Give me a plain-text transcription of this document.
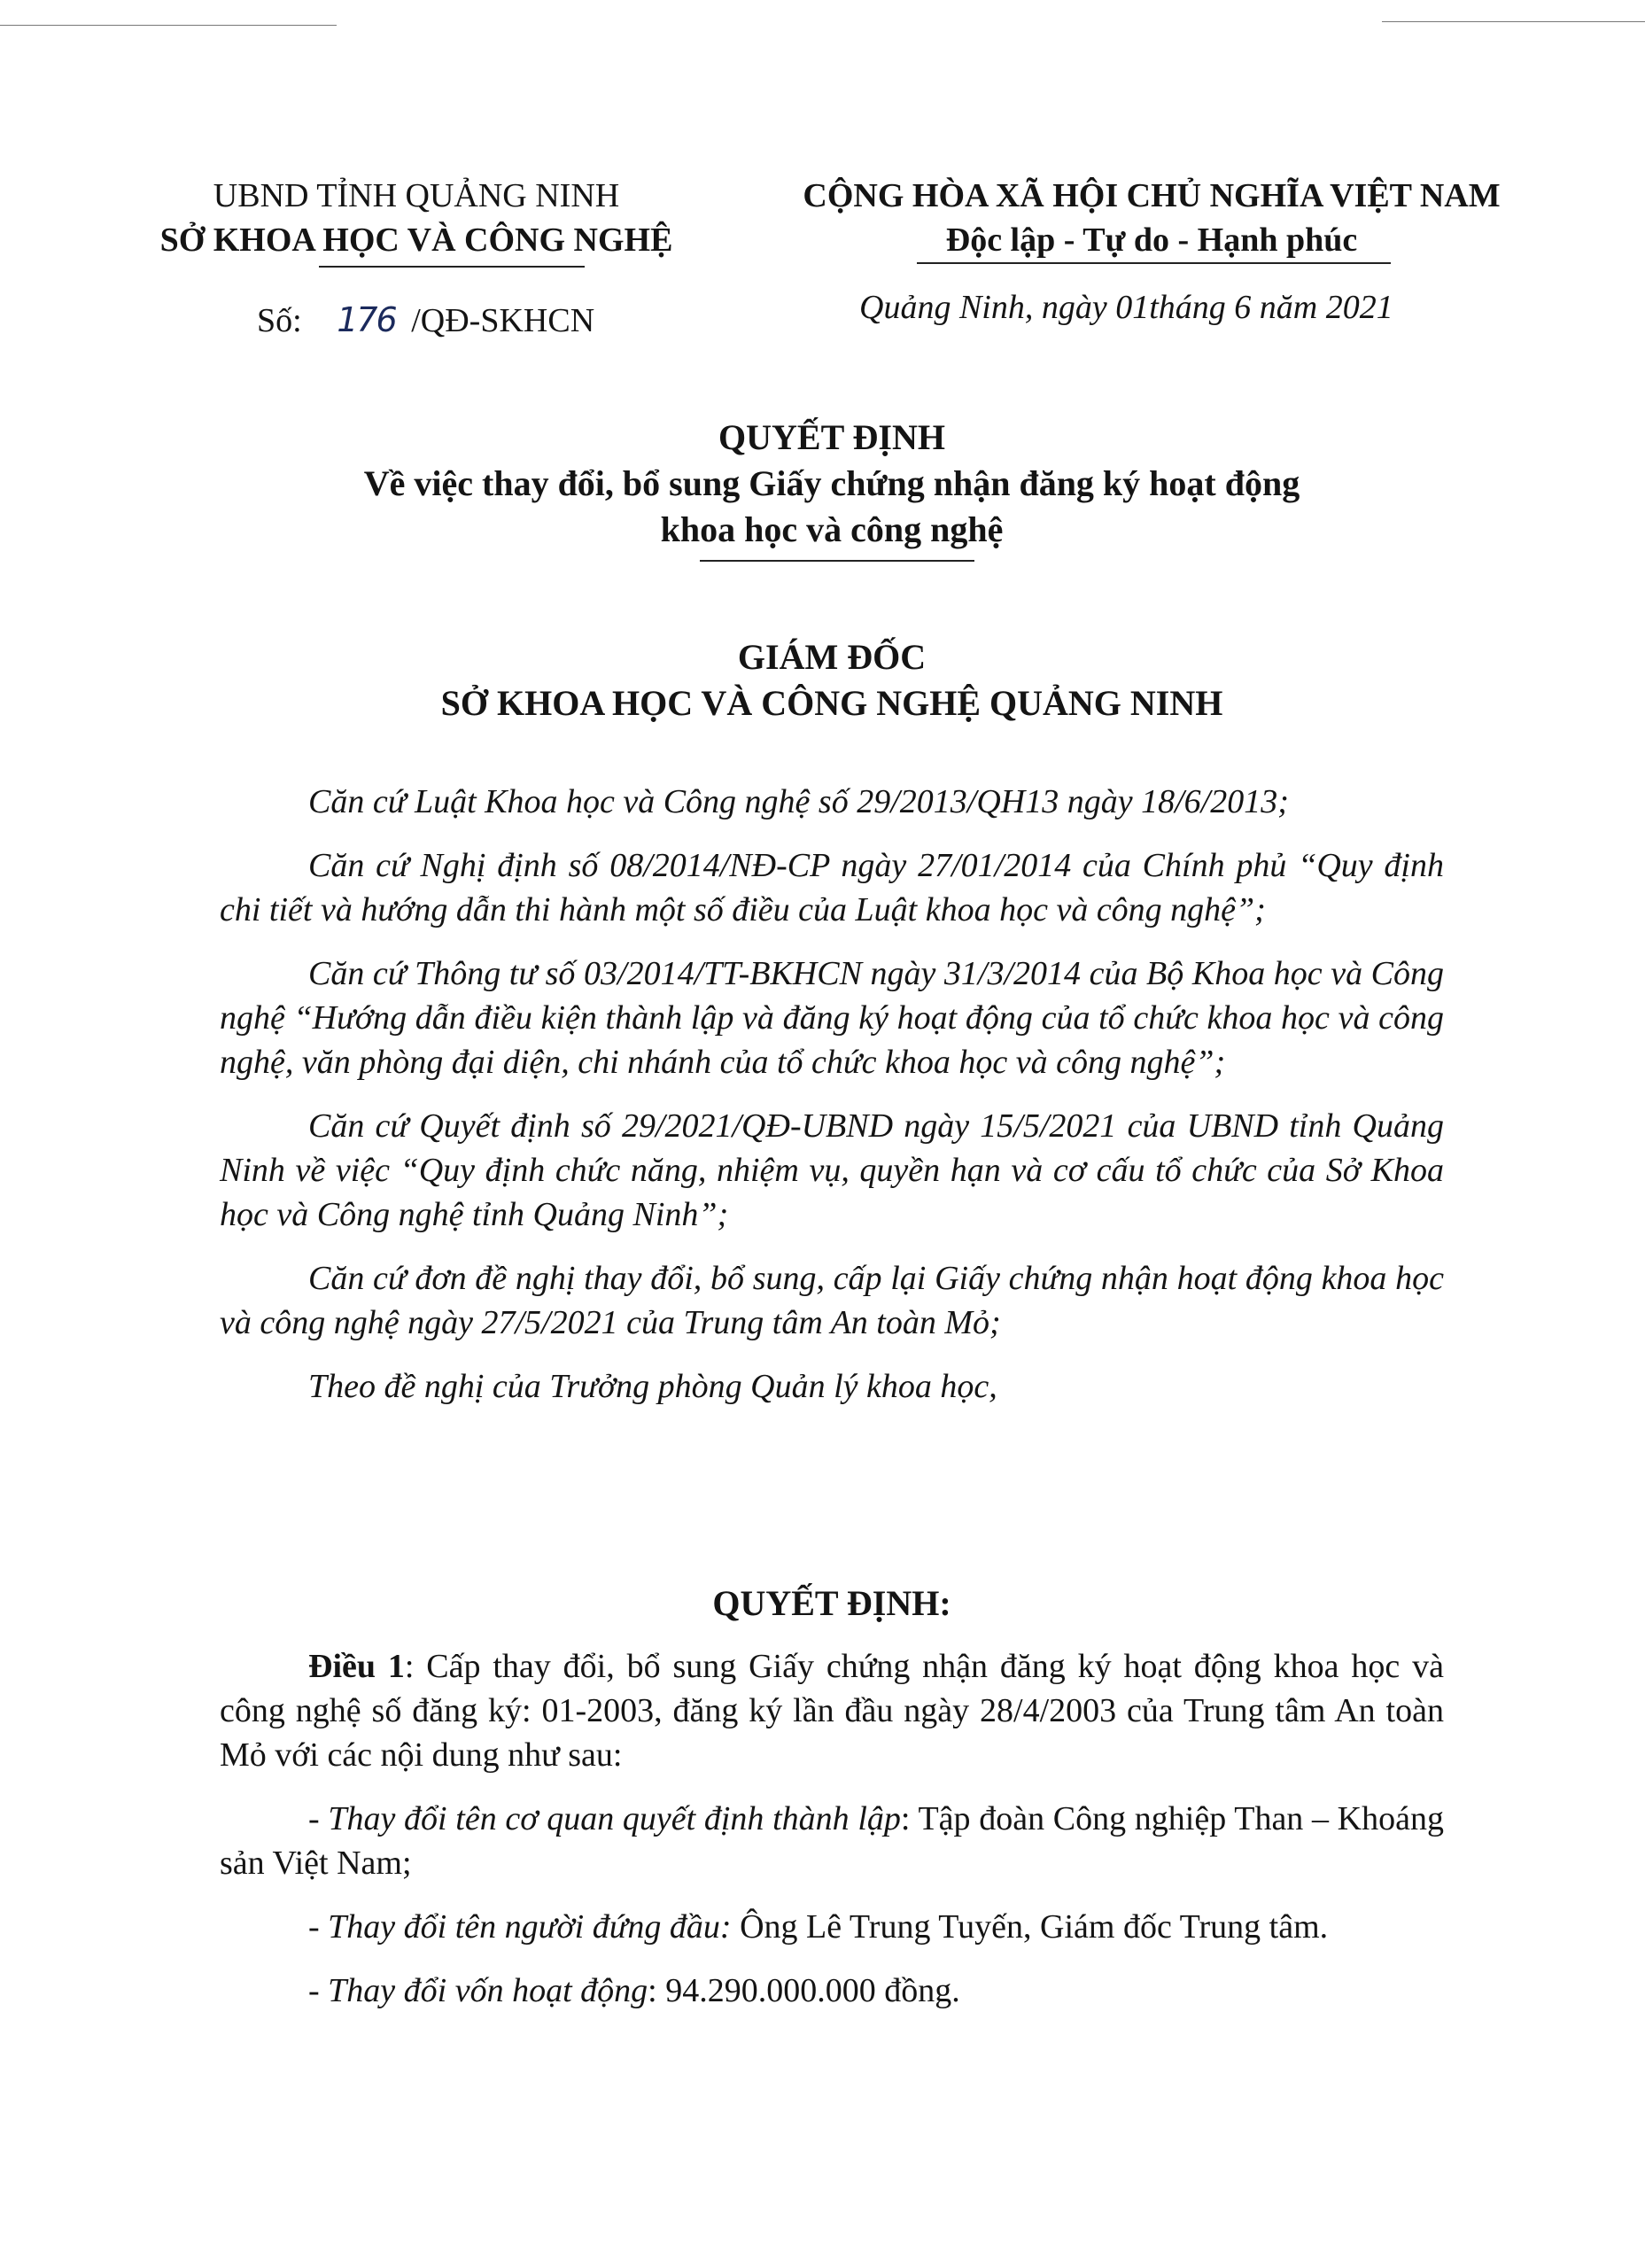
UBND TỈNH QUẢNG NINH
SỞ KHOA HỌC VÀ CÔNG NGHỆ
Số: 176 /QĐ-SKHCN
CỘNG HÒA XÃ HỘI CHỦ NGHĨA VIỆT NAM
Độc lập - Tự do - Hạnh phúc
Quảng Ninh, ngày 01tháng 6 năm 2021
QUYẾT ĐỊNH
Về việc thay đổi, bổ sung Giấy chứng nhận đăng ký hoạt động
khoa học và công nghệ
GIÁM ĐỐC
SỞ KHOA HỌC VÀ CÔNG NGHỆ QUẢNG NINH

Căn cứ Luật Khoa học và Công nghệ số 29/2013/QH13 ngày 18/6/2013;

Căn cứ Nghị định số 08/2014/NĐ-CP ngày 27/01/2014 của Chính phủ “Quy định chi tiết và hướng dẫn thi hành một số điều của Luật khoa học và công nghệ”;

Căn cứ Thông tư số 03/2014/TT-BKHCN ngày 31/3/2014 của Bộ Khoa học và Công nghệ “Hướng dẫn điều kiện thành lập và đăng ký hoạt động của tổ chức khoa học và công nghệ, văn phòng đại diện, chi nhánh của tổ chức khoa học và công nghệ”;

Căn cứ Quyết định số 29/2021/QĐ-UBND ngày 15/5/2021 của UBND tỉnh Quảng Ninh về việc “Quy định chức năng, nhiệm vụ, quyền hạn và cơ cấu tổ chức của Sở Khoa học và Công nghệ tỉnh Quảng Ninh”;

Căn cứ đơn đề nghị thay đổi, bổ sung, cấp lại Giấy chứng nhận hoạt động khoa học và công nghệ ngày 27/5/2021 của Trung tâm An toàn Mỏ;

Theo đề nghị của Trưởng phòng Quản lý khoa học,

QUYẾT ĐỊNH:

Điều 1: Cấp thay đổi, bổ sung Giấy chứng nhận đăng ký hoạt động khoa học và công nghệ số đăng ký: 01-2003, đăng ký lần đầu ngày 28/4/2003 của Trung tâm An toàn Mỏ với các nội dung như sau:

- Thay đổi tên cơ quan quyết định thành lập: Tập đoàn Công nghiệp Than – Khoáng sản Việt Nam;

- Thay đổi tên người đứng đầu: Ông Lê Trung Tuyến, Giám đốc Trung tâm.

- Thay đổi vốn hoạt động: 94.290.000.000 đồng.
